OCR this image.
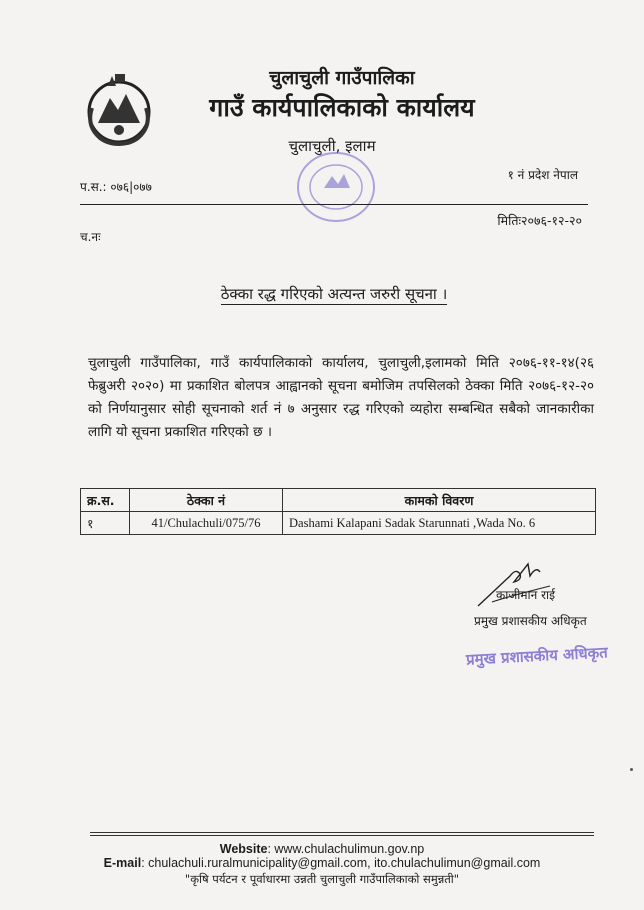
चुलाचुली गाउँपालिका
गाउँ कार्यपालिकाको कार्यालय
चुलाचुली, इलाम
प.स.: ०७६|०७७
१ नं प्रदेश नेपाल
च.नः
मितिः२०७६-१२-२०
ठेक्का रद्ध गरिएको अत्यन्त जरुरी सूचना ।
चुलाचुली गाउँपालिका, गाउँ कार्यपालिकाको कार्यालय, चुलाचुली,इलामको मिति २०७६-११-१४(२६ फेब्रुअरी २०२०) मा प्रकाशित बोलपत्र आह्वानको सूचना बमोजिम तपसिलको ठेक्का मिति २०७६-१२-२० को निर्णयानुसार सोही सूचनाको शर्त नं ७ अनुसार रद्ध गरिएको व्यहोरा सम्बन्धित सबैको जानकारीका लागि यो सूचना प्रकाशित गरिएको छ ।
क्र.स.	ठेक्का नं	कामको विवरण
१	41/Chulachuli/075/76	Dashami Kalapani Sadak Starunnati ,Wada No. 6
काजीमान राई
प्रमुख प्रशासकीय अधिकृत
प्रमुख प्रशासकीय अधिकृत
Website: www.chulachulimun.gov.np
E-mail: chulachuli.ruralmunicipality@gmail.com, ito.chulachulimun@gmail.com
"कृषि पर्यटन र पूर्वाधारमा उन्नती चुलाचुली गाउँपालिकाको समुन्नती"
